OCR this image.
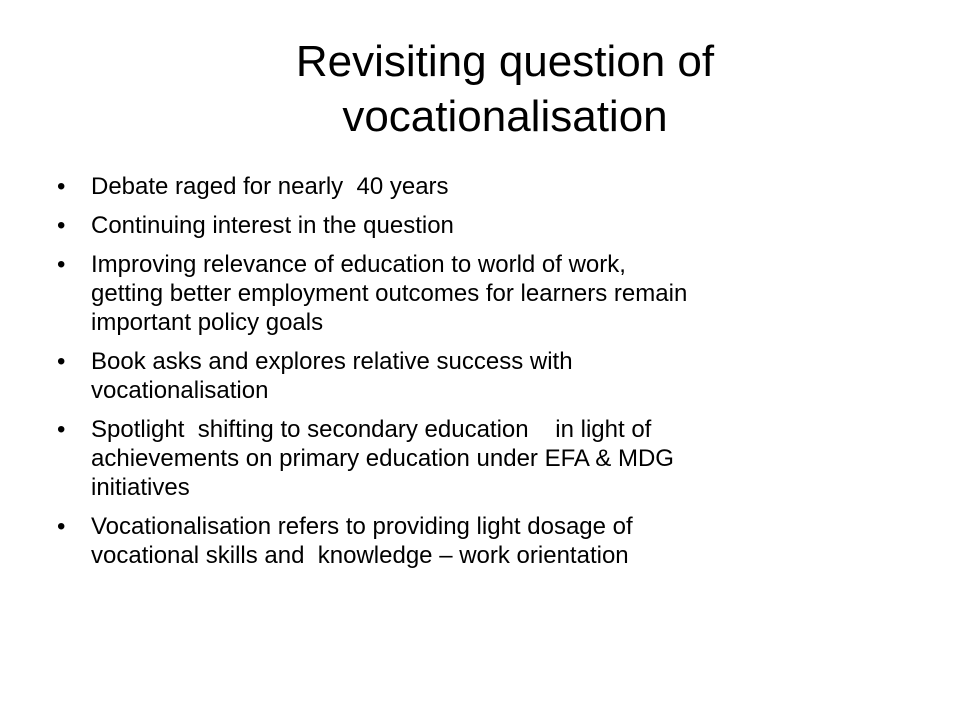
Revisiting question of
vocationalisation
• Debate raged for nearly  40 years
• Continuing interest in the question
• Improving relevance of education to world of work,
getting better employment outcomes for learners remain
important policy goals
• Book asks and explores relative success with
vocationalisation
• Spotlight  shifting to secondary education    in light of
achievements on primary education under EFA & MDG
initiatives
• Vocationalisation refers to providing light dosage of
vocational skills and  knowledge – work orientation
